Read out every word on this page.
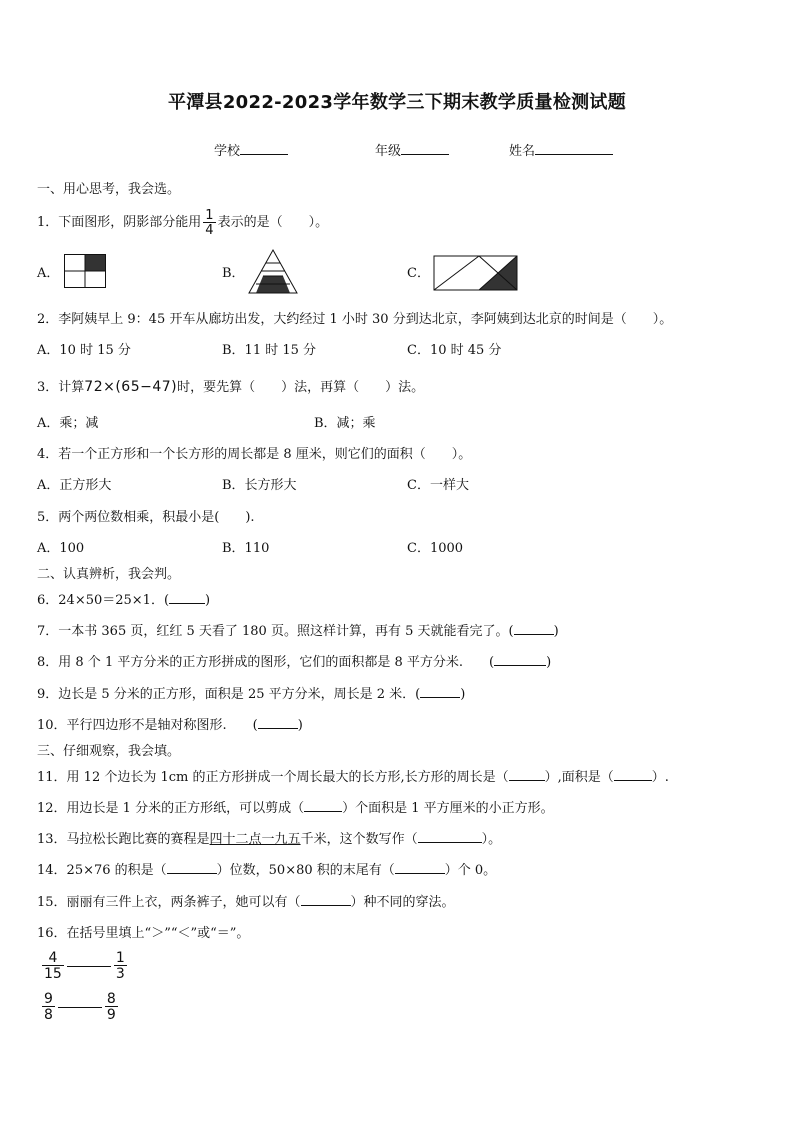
平潭县2022-2023学年数学三下期末教学质量检测试题
学校	年级	姓名
一、用心思考，我会选。
1．下面图形，阴影部分能用 $\frac{1}{4}$ 表示的是（　　）。
A．	B．	C．
2．李阿姨早上 9：45 开车从廊坊出发，大约经过 1 小时 30 分到达北京，李阿姨到达北京的时间是（　　）。
A．10 时 15 分	B．11 时 15 分	C．10 时 45 分
3．计算72×(65−47)时，要先算（　　）法，再算（　　）法。
A．乘；减	B．减；乘
4．若一个正方形和一个长方形的周长都是 8 厘米，则它们的面积（　　）。
A．正方形大	B．长方形大	C．一样大
5．两个两位数相乘，积最小是(　　).
A．100	B．110	C．1000
二、认真辨析，我会判。
6．24×50＝25×1．(	)
7．一本书 365 页，红红 5 天看了 180 页。照这样计算，再有 5 天就能看完了。(	)
8．用 8 个 1 平方分米的正方形拼成的图形，它们的面积都是 8 平方分米.　　(	)
9．边长是 5 分米的正方形，面积是 25 平方分米，周长是 2 米．(	)
10．平行四边形不是轴对称图形.　　(	)
三、仔细观察，我会填。
11．用 12 个边长为 1cm 的正方形拼成一个周长最大的长方形,长方形的周长是（	）,面积是（	）.
12．用边长是 1 分米的正方形纸，可以剪成（	）个面积是 1 平方厘米的小正方形。
13．马拉松长跑比赛的赛程是四十二点一九五千米，这个数写作（	）。
14．25×76 的积是（	）位数，50×80 积的末尾有（	）个 0。
15．丽丽有三件上衣，两条裤子，她可以有（	）种不同的穿法。
16．在括号里填上“＞”“＜”或“＝”。
$\frac{4}{15}$	$\frac{1}{3}$
$\frac{9}{8}$	$\frac{8}{9}$
